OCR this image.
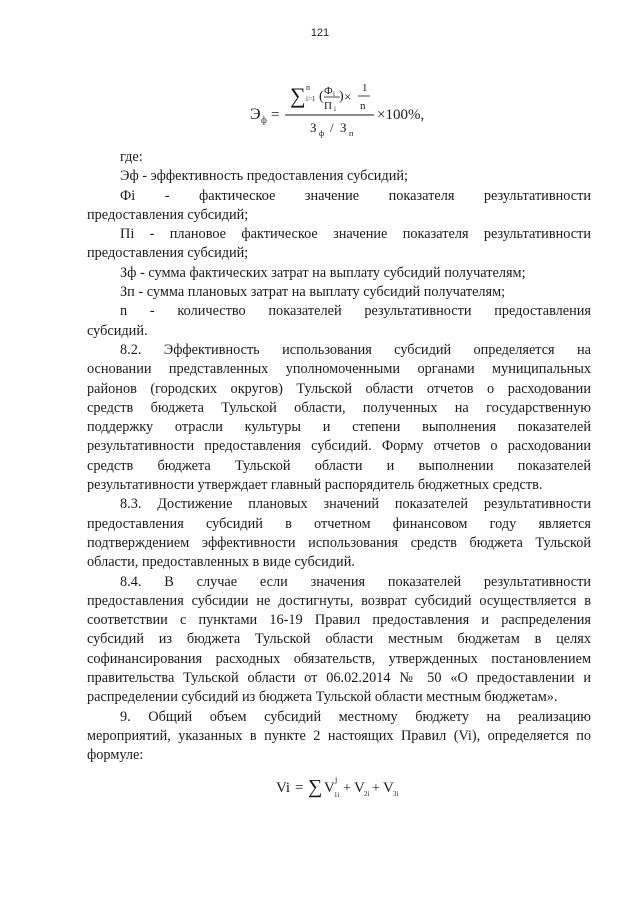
121
Э ф =
∑ n
i=1 ( Ф i
П i
) ×
1
n
З ф / З п
×100%,

где:

Эф - эффективность предоставления субсидий;

Фi - фактическое значение показателя результативности

предоставления субсидий;

Пi - плановое фактическое значение показателя результативности

предоставления субсидий;

Зф - сумма фактических затрат на выплату субсидий получателям;

Зп - сумма плановых затрат на выплату субсидий получателям;

n - количество показателей результативности предоставления

субсидий.

8.2. Эффективность использования субсидий определяется на

основании представленных уполномоченными органами муниципальных

районов (городских округов) Тульской области отчетов о расходовании

средств бюджета Тульской области, полученных на государственную

поддержку отрасли культуры и степени выполнения показателей

результативности предоставления субсидий. Форму отчетов о расходовании

средств бюджета Тульской области и выполнении показателей

результативности утверждает главный распорядитель бюджетных средств.

8.3. Достижение плановых значений показателей результативности

предоставления субсидий в отчетном финансовом году является

подтверждением эффективности использования средств бюджета Тульской

области, предоставленных в виде субсидий.

8.4. В случае если значения показателей результативности

предоставления субсидии не достигнуты, возврат субсидий осуществляется в

соответствии с пунктами 16-19 Правил предоставления и распределения

субсидий из бюджета Тульской области местным бюджетам в целях

софинансирования расходных обязательств, утвержденных постановлением

правительства Тульской области от 06.02.2014 № 50 «О предоставлении и

распределении субсидий из бюджета Тульской области местным бюджетам».

9. Общий объем субсидий местному бюджету на реализацию

мероприятий, указанных в пункте 2 настоящих Правил (Vi), определяется по

формуле:

Vi = ∑ V
j
1i + V 2i + V 3i
